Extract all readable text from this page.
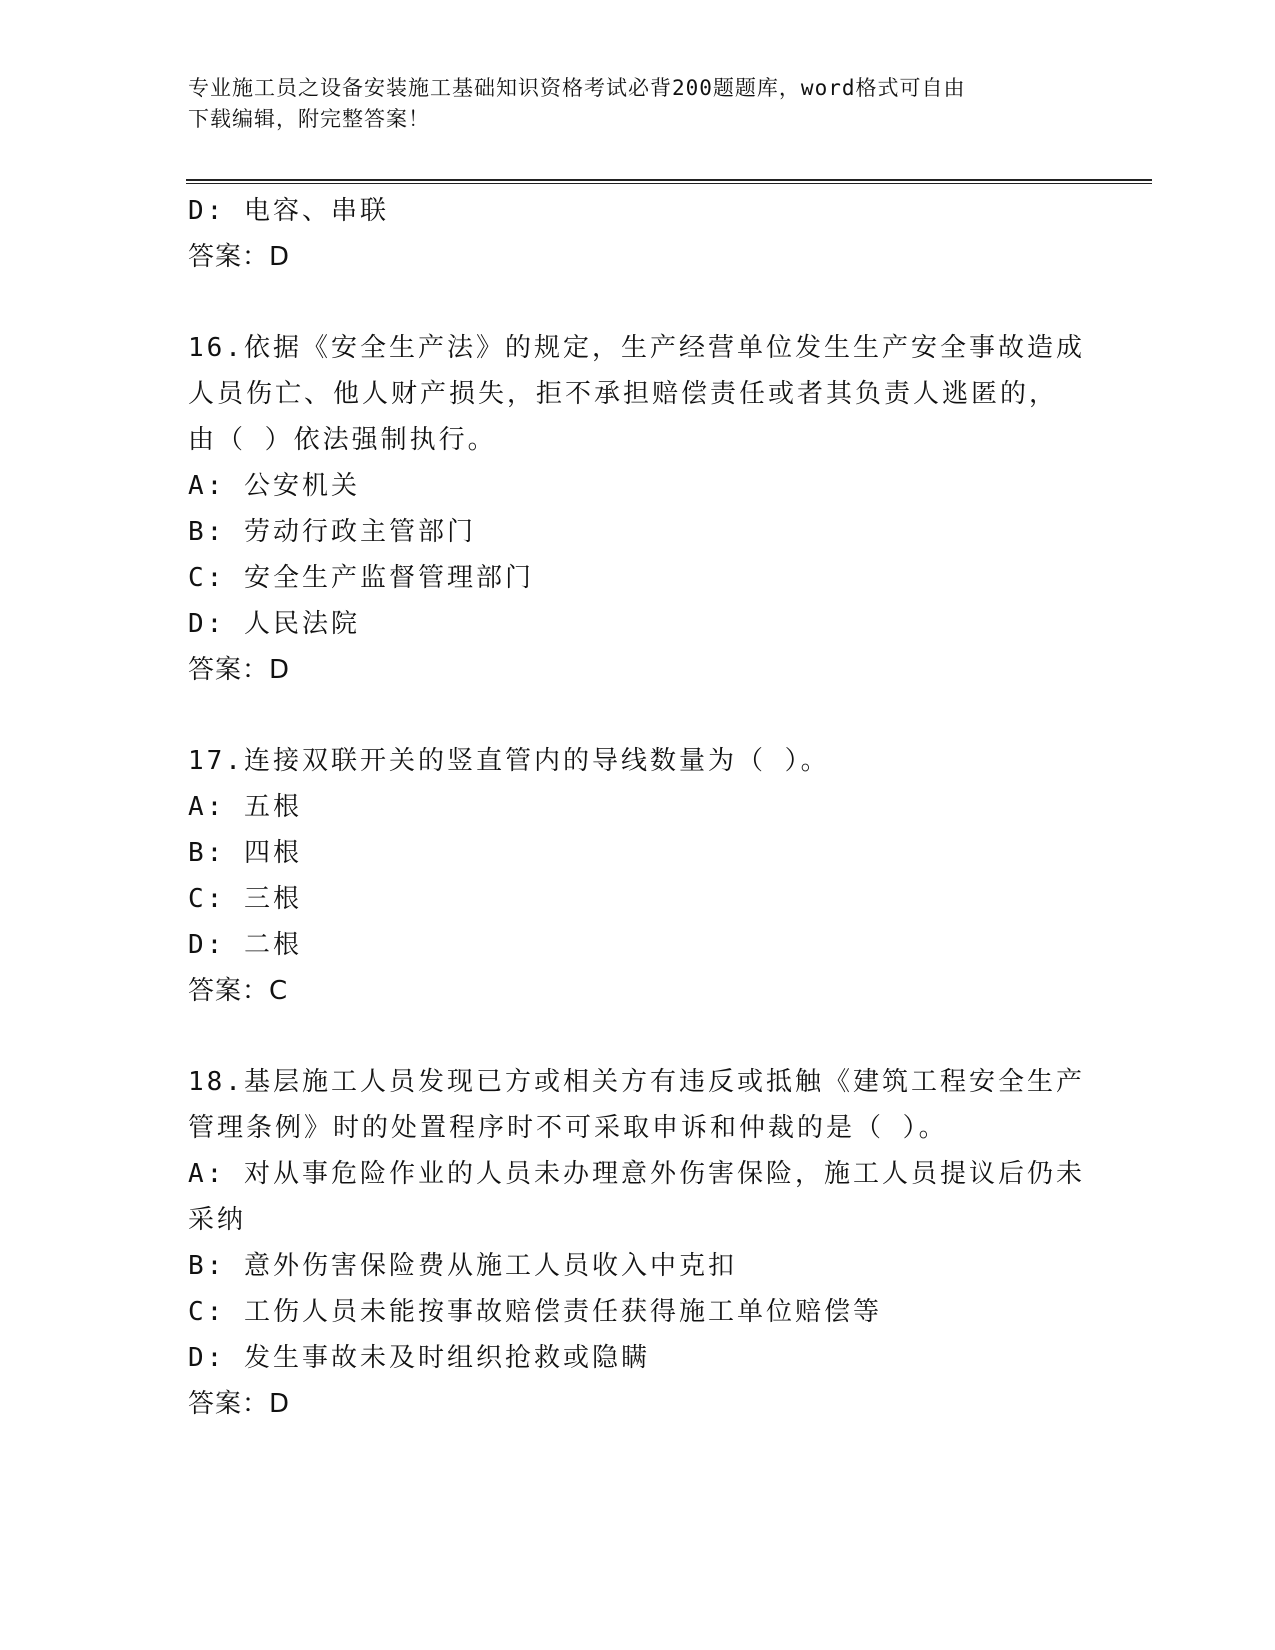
专业施工员之设备安装施工基础知识资格考试必背200题题库，word格式可自由

下载编辑，附完整答案！

D: 电容、串联
答案：D
16.依据《安全生产法》的规定，生产经营单位发生生产安全事故造成
人员伤亡、他人财产损失，拒不承担赔偿责任或者其负责人逃匿的，
由（ ）依法强制执行。
A: 公安机关
B: 劳动行政主管部门
C: 安全生产监督管理部门
D: 人民法院
答案：D
17.连接双联开关的竖直管内的导线数量为（ ）。
A: 五根
B: 四根
C: 三根
D: 二根
答案：C
18.基层施工人员发现已方或相关方有违反或抵触《建筑工程安全生产
管理条例》时的处置程序时不可采取申诉和仲裁的是（ ）。
A: 对从事危险作业的人员未办理意外伤害保险，施工人员提议后仍未
采纳
B: 意外伤害保险费从施工人员收入中克扣
C: 工伤人员未能按事故赔偿责任获得施工单位赔偿等
D: 发生事故未及时组织抢救或隐瞒
答案：D
